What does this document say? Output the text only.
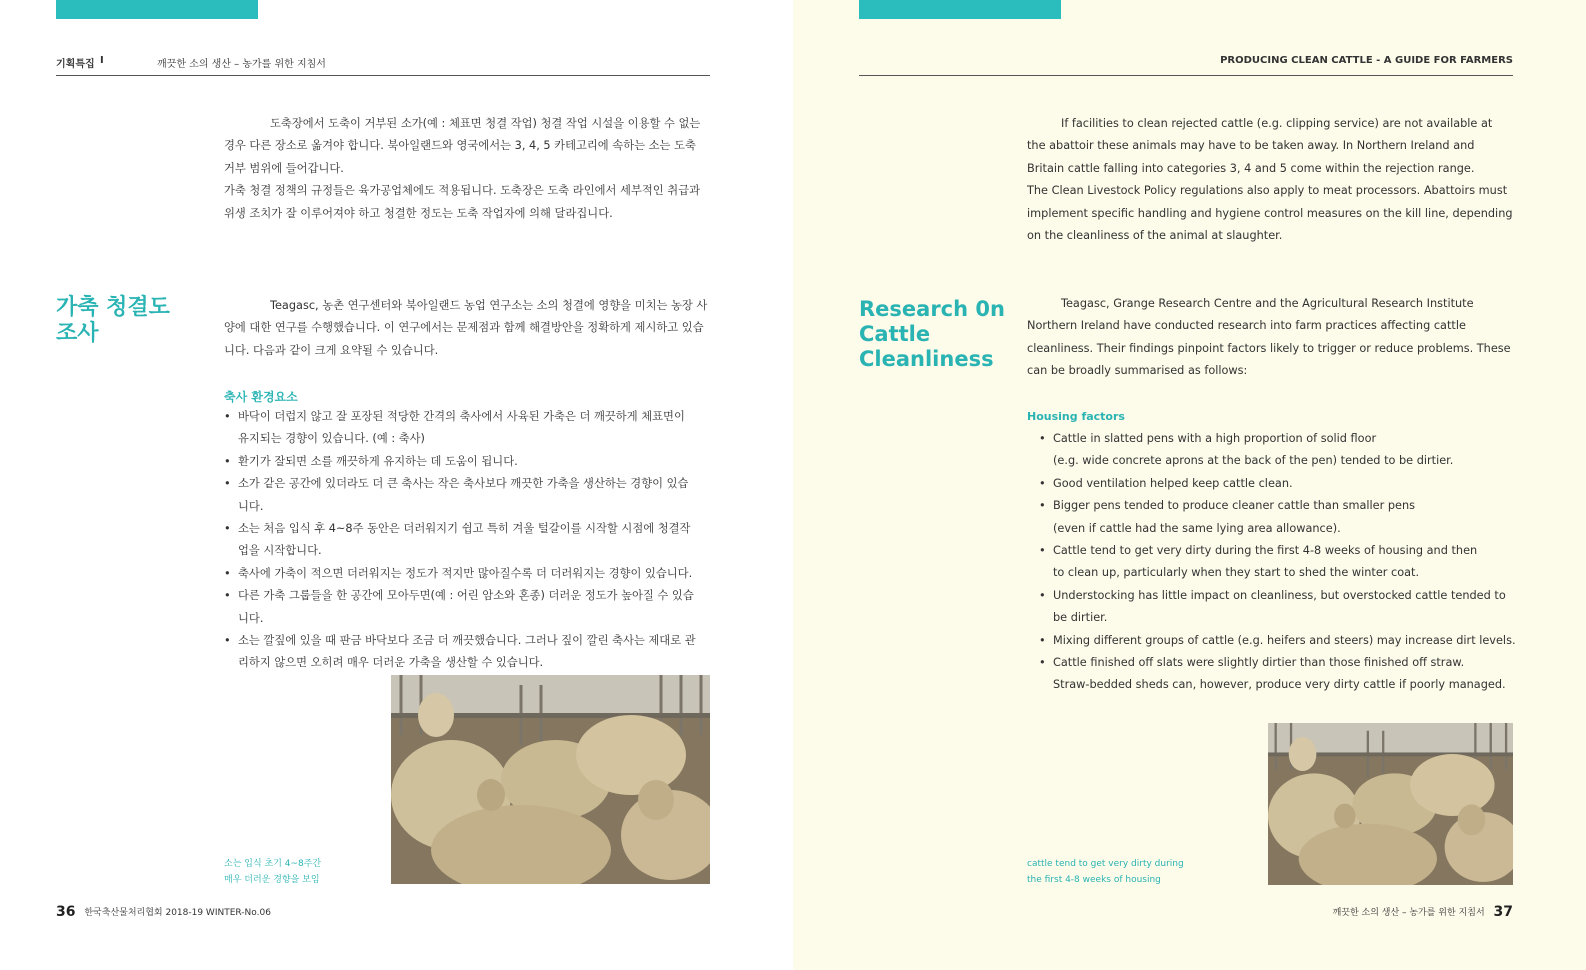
기획특집 I	깨끗한 소의 생산 – 농가를 위한 지침서

도축장에서 도축이 거부된 소가(예 : 체표면 청결 작업) 청결 작업 시설을 이용할 수 없는 경우 다른 장소로 옮겨야 합니다. 북아일랜드와 영국에서는 3, 4, 5 카테고리에 속하는 소는 도축 거부 범위에 들어갑니다.

가축 청결 정책의 규정들은 육가공업체에도 적용됩니다. 도축장은 도축 라인에서 세부적인 취급과 위생 조치가 잘 이루어져야 하고 청결한 정도는 도축 작업자에 의해 달라집니다.

가축 청결도
조사

Teagasc, 농촌 연구센터와 북아일랜드 농업 연구소는 소의 청결에 영향을 미치는 농장 사양에 대한 연구를 수행했습니다. 이 연구에서는 문제점과 함께 해결방안을 정확하게 제시하고 있습니다. 다음과 같이 크게 요약될 수 있습니다.

축사 환경요소
• 바닥이 더럽지 않고 잘 포장된 적당한 간격의 축사에서 사육된 가축은 더 깨끗하게 체표면이 유지되는 경향이 있습니다. (예 : 축사)
• 환기가 잘되면 소를 깨끗하게 유지하는 데 도움이 됩니다.
• 소가 같은 공간에 있더라도 더 큰 축사는 작은 축사보다 깨끗한 가축을 생산하는 경향이 있습니다.
• 소는 처음 입식 후 4~8주 동안은 더러워지기 쉽고 특히 겨울 털갈이를 시작할 시점에 청결작업을 시작합니다.
• 축사에 가축이 적으면 더러워지는 정도가 적지만 많아질수록 더 더러워지는 경향이 있습니다.
• 다른 가축 그룹들을 한 공간에 모아두면(예 : 어린 암소와 혼종) 더러운 정도가 높아질 수 있습니다.
• 소는 깔짚에 있을 때 판금 바닥보다 조금 더 깨끗했습니다. 그러나 짚이 깔린 축사는 제대로 관리하지 않으면 오히려 매우 더러운 가축을 생산할 수 있습니다.
소는 입식 초기 4~8주간
매우 더러운 경향을 보임
36 한국축산물처리협회 2018-19 WINTER-No.06
PRODUCING CLEAN CATTLE - A GUIDE FOR FARMERS

If facilities to clean rejected cattle (e.g. clipping service) are not available at the abattoir these animals may have to be taken away. In Northern Ireland and Britain cattle falling into categories 3, 4 and 5 come within the rejection range.

The Clean Livestock Policy regulations also apply to meat processors. Abattoirs must implement specific handling and hygiene control measures on the kill line, depending on the cleanliness of the animal at slaughter.

Research 0n
Cattle
Cleanliness

Teagasc, Grange Research Centre and the Agricultural Research Institute Northern Ireland have conducted research into farm practices affecting cattle cleanliness. Their findings pinpoint factors likely to trigger or reduce problems. These can be broadly summarised as follows:

Housing factors
• Cattle in slatted pens with a high proportion of solid floor
(e.g. wide concrete aprons at the back of the pen) tended to be dirtier.
• Good ventilation helped keep cattle clean.
• Bigger pens tended to produce cleaner cattle than smaller pens
(even if cattle had the same lying area allowance).
• Cattle tend to get very dirty during the first 4-8 weeks of housing and then
to clean up, particularly when they start to shed the winter coat.
• Understocking has little impact on cleanliness, but overstocked cattle tended to
be dirtier.
• Mixing different groups of cattle (e.g. heifers and steers) may increase dirt levels.
• Cattle finished off slats were slightly dirtier than those finished off straw.
Straw-bedded sheds can, however, produce very dirty cattle if poorly managed.
cattle tend to get very dirty during
the first 4-8 weeks of housing
깨끗한 소의 생산 – 농가를 위한 지침서 37
